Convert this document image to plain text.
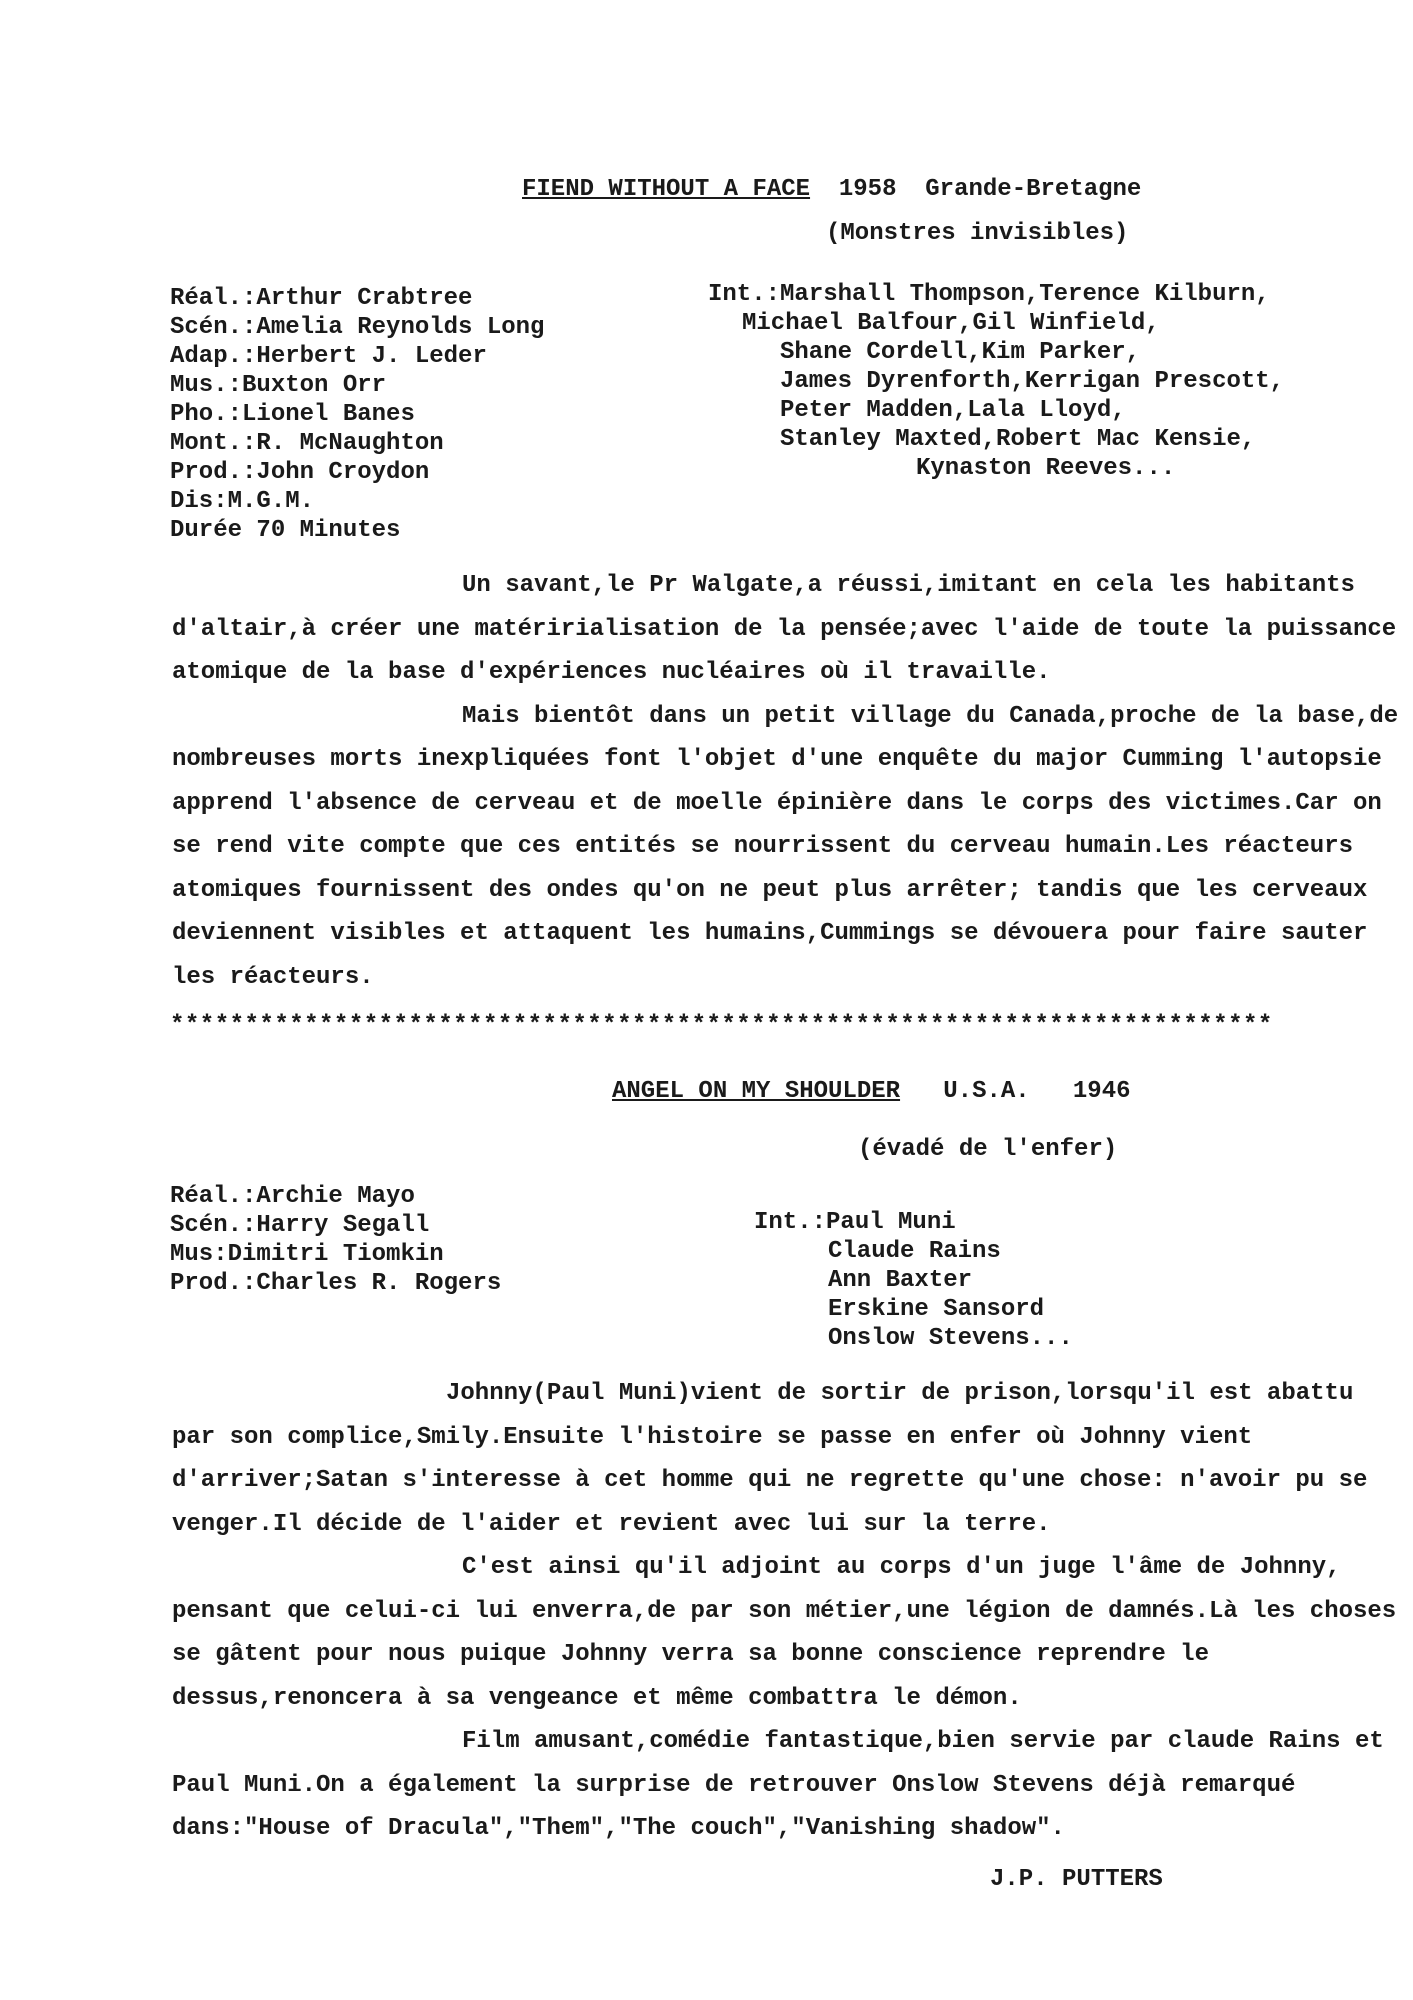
FIEND WITHOUT A FACE 1958 Grande-Bretagne
(Monstres invisibles)
Réal.:Arthur Crabtree
Scén.:Amelia Reynolds Long
Adap.:Herbert J. Leder
Mus.:Buxton Orr
Pho.:Lionel Banes
Mont.:R. McNaughton
Prod.:John Croydon
Dis:M.G.M.
Durée 70 Minutes
Int.:Marshall Thompson,Terence Kilburn,
Michael Balfour,Gil Winfield,
Shane Cordell,Kim Parker,
James Dyrenforth,Kerrigan Prescott,
Peter Madden,Lala Lloyd,
Stanley Maxted,Robert Mac Kensie,
Kynaston Reeves...

Un savant,le Pr Walgate,a réussi,imitant en cela les habitants d'altair,à créer une matéririalisation de la pensée;avec l'aide de toute la puissance atomique de la base d'expériences nucléaires où il travaille.

Mais bientôt dans un petit village du Canada,proche de la base,de nombreuses morts inexpliquées font l'objet d'une enquête du major Cumming l'autopsie apprend l'absence de cerveau et de moelle épinière dans le corps des victimes.Car on se rend vite compte que ces entités se nourrissent du cerveau humain.Les réacteurs atomiques fournissent des ondes qu'on ne peut plus arrêter; tandis que les cerveaux deviennent visibles et attaquent les humains,Cummings se dévouera pour faire sauter les réacteurs.

**************************************************************************
ANGEL ON MY SHOULDER U.S.A. 1946
(évadé de l'enfer)
Réal.:Archie Mayo
Scén.:Harry Segall
Mus:Dimitri Tiomkin
Prod.:Charles R. Rogers
Int.:Paul Muni
Claude Rains
Ann Baxter
Erskine Sansord
Onslow Stevens...

Johnny(Paul Muni)vient de sortir de prison,lorsqu'il est abattu par son complice,Smily.Ensuite l'histoire se passe en enfer où Johnny vient d'arriver;Satan s'interesse à cet homme qui ne regrette qu'une chose: n'avoir pu se venger.Il décide de l'aider et revient avec lui sur la terre.

C'est ainsi qu'il adjoint au corps d'un juge l'âme de Johnny, pensant que celui-ci lui enverra,de par son métier,une légion de damnés.Là les choses se gâtent pour nous puique Johnny verra sa bonne conscience reprendre le dessus,renoncera à sa vengeance et même combattra le démon.

Film amusant,comédie fantastique,bien servie par claude Rains et Paul Muni.On a également la surprise de retrouver Onslow Stevens déjà remarqué dans:"House of Dracula","Them","The couch","Vanishing shadow".

J.P. PUTTERS
